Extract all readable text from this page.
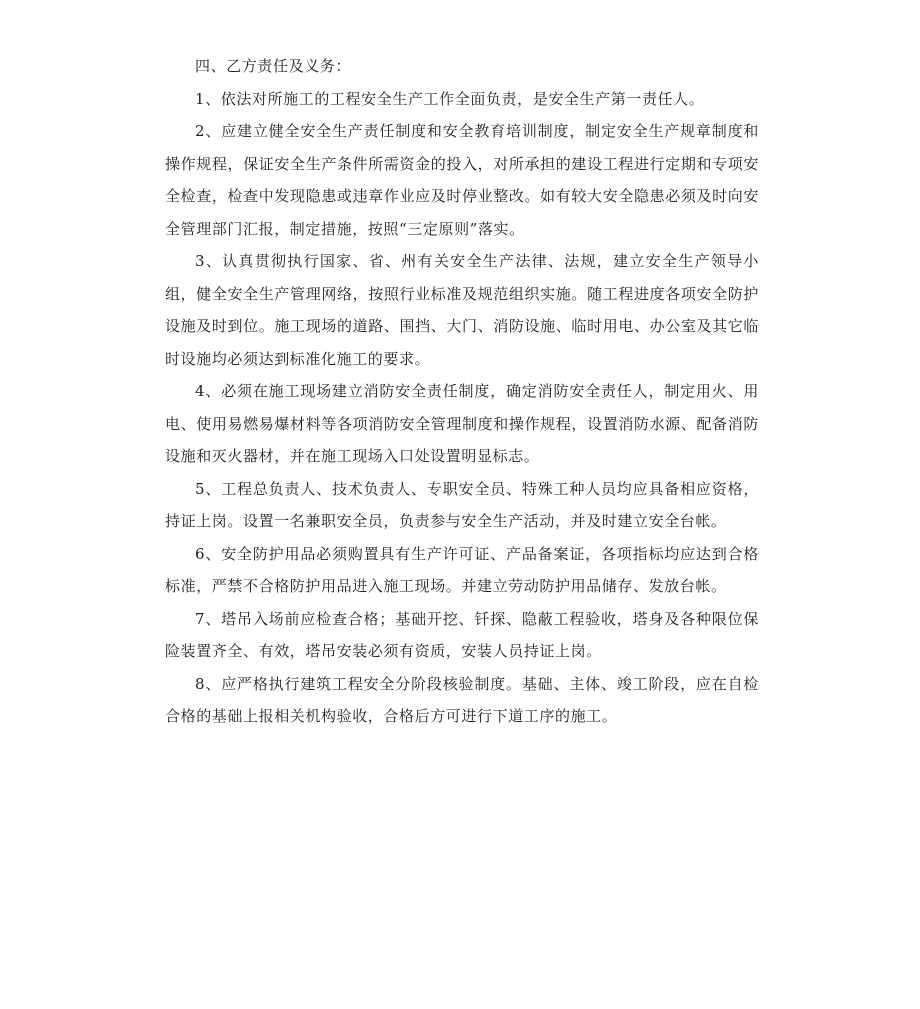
四、乙方责任及义务：

1、依法对所施工的工程安全生产工作全面负责，是安全生产第一责任人。

2、应建立健全安全生产责任制度和安全教育培训制度，制定安全生产规章制度和操作规程，保证安全生产条件所需资金的投入，对所承担的建设工程进行定期和专项安全检查，检查中发现隐患或违章作业应及时停业整改。如有较大安全隐患必须及时向安全管理部门汇报，制定措施，按照“三定原则”落实。

3、认真贯彻执行国家、省、州有关安全生产法律、法规，建立安全生产领导小组，健全安全生产管理网络，按照行业标准及规范组织实施。随工程进度各项安全防护设施及时到位。施工现场的道路、围挡、大门、消防设施、临时用电、办公室及其它临时设施均必须达到标准化施工的要求。

4、必须在施工现场建立消防安全责任制度，确定消防安全责任人，制定用火、用电、使用易燃易爆材料等各项消防安全管理制度和操作规程，设置消防水源、配备消防设施和灭火器材，并在施工现场入口处设置明显标志。

5、工程总负责人、技术负责人、专职安全员、特殊工种人员均应具备相应资格，持证上岗。设置一名兼职安全员，负责参与安全生产活动，并及时建立安全台帐。

6、安全防护用品必须购置具有生产许可证、产品备案证，各项指标均应达到合格标准，严禁不合格防护用品进入施工现场。并建立劳动防护用品储存、发放台帐。

7、塔吊入场前应检查合格；基础开挖、钎探、隐蔽工程验收，塔身及各种限位保险装置齐全、有效，塔吊安装必须有资质，安装人员持证上岗。

8、应严格执行建筑工程安全分阶段核验制度。基础、主体、竣工阶段，应在自检合格的基础上报相关机构验收，合格后方可进行下道工序的施工。
